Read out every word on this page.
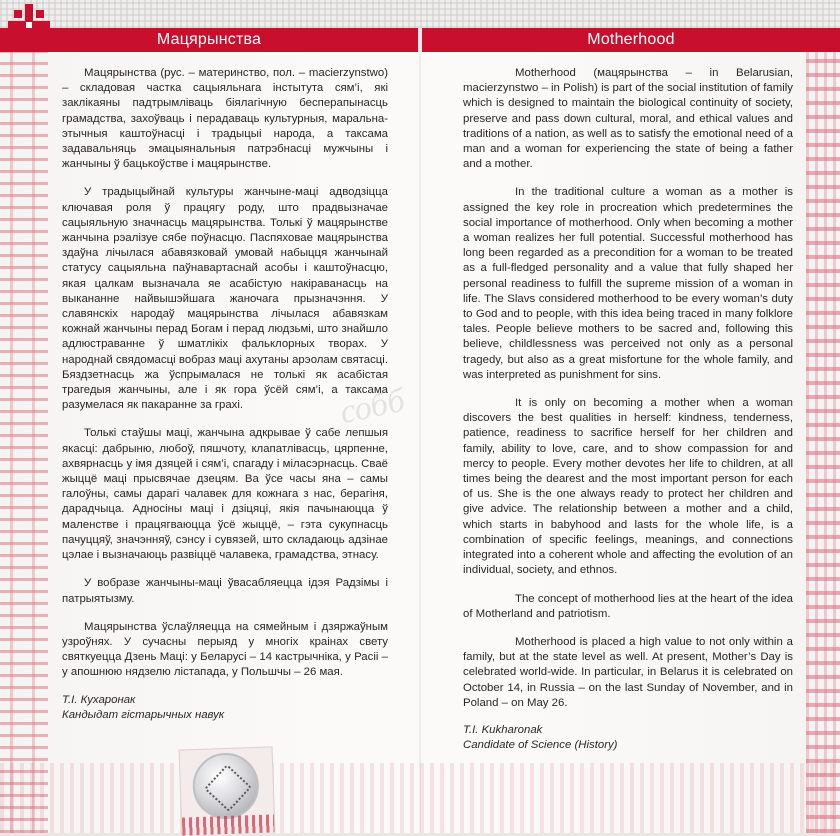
Мацярынства	Motherhood

Мацярынства (рус. – материнство, пол. – macierzynstwo) – складовая частка сацыяльнага інстытута сям’і, які заклікаяны падтрымліваць біялагічную бесперапынасць грамадства, захоўваць і перадаваць культурныя, маральна-этычныя каштоўнасці і традыцыі народа, а таксама задавальняць эмацыянальныя патрэбнасці мужчыны і жанчыны ў бацькоўстве і мацярынстве.

У традыцыйнай культуры жанчыне-маці адводзіцца ключавая роля ў працягу роду, што прадвызначае сацыяльную значнасць мацярынства. Толькі ў мацярынстве жанчына рэалізуе сябе поўнасцю. Паспяховае мацярынства здаўна лічылася абавязковай умовай набыцця жанчынай статусу сацыяльна паўнавартаснай асобы і каштоўнасцю, якая цалкам вызначала яе асабістую накіраванасць на выкананне найвышэйшага жаночага прызначэння. У славянскіх народаў мацярынства лічылася абавязкам кожнай жанчыны перад Богам і перад людзьмі, што знайшло адлюстраванне ў шматлікіх фальклорных творах. У народнай свядомасці вобраз маці ахутаны арэолам святасці. Бяздзетнасць жа ўспрымалася не толькі як асабістая трагедыя жанчыны, але і як гора ўсёй сям’і, а таксама разумелася як пакаранне за грахі.

Толькі стаўшы маці, жанчына адкрывае ў сабе лепшыя якасці: дабрыню, любоў, пяшчоту, клапатлівасць, цярпенне, ахвярнасць у імя дзяцей і сям’і, спагаду і міласэрнасць. Сваё жыццё маці прысвячае дзецям. Ва ўсе часы яна – самы галоўны, самы дарагі чалавек для кожнага з нас, берагіня, дарадчыца. Адносіны маці і дзіцяці, якія пачынаюцца ў маленстве і працягваюцца ўсё жыццё, – гэта сукупнасць пачуццяў, значэнняў, сэнсу і сувязей, што складаюць адзінае цэлае і вызначаюць развіццё чалавека, грамадства, этнасу.

У вобразе жанчыны-маці ўвасабляецца ідэя Радзімы і патрыятызму.

Мацярынства ўслаўляецца на сямейным і дзяржаўным узроўнях. У сучасны перыяд у многіх краінах свету святкуецца Дзень Маці: у Беларусі – 14 кастрычніка, у Расіі – у апошнюю нядзелю лістапада, у Польшчы – 26 мая.

Т.І. Кухаронак
Кандыдат гістарычных навук

Motherhood (мацярынства – in Belarusian, macierzynstwo – in Polish) is part of the social institution of family which is designed to maintain the biological continuity of society, preserve and pass down cultural, moral, and ethical values and traditions of a nation, as well as to satisfy the emotional need of a man and a woman for experiencing the state of being a father and a mother.

In the traditional culture a woman as a mother is assigned the key role in procreation which predetermines the social importance of motherhood. Only when becoming a mother a woman realizes her full potential. Successful motherhood has long been regarded as a precondition for a woman to be treated as a full-fledged personality and a value that fully shaped her personal readiness to fulfill the supreme mission of a woman in life. The Slavs considered motherhood to be every woman’s duty to God and to people, with this idea being traced in many folklore tales. People believe mothers to be sacred and, following this believe, childlessness was perceived not only as a personal tragedy, but also as a great misfortune for the whole family, and was interpreted as punishment for sins.

It is only on becoming a mother when a woman discovers the best qualities in herself: kindness, tenderness, patience, readiness to sacrifice herself for her children and family, ability to love, care, and to show compassion for and mercy to people. Every mother devotes her life to children, at all times being the dearest and the most important person for each of us. She is the one always ready to protect her children and give advice. The relationship between a mother and a child, which starts in babyhood and lasts for the whole life, is a combination of specific feelings, meanings, and connections integrated into a coherent whole and affecting the evolution of an individual, society, and ethnos.

The concept of motherhood lies at the heart of the idea of Motherland and patriotism.

Motherhood is placed a high value to not only within a family, but at the state level as well. At present, Mother’s Day is celebrated world-wide. In particular, in Belarus it is celebrated on October 14, in Russia – on the last Sunday of November, and in Poland – on May 26.

T.I. Kukharonak
Candidate of Science (History)
собб
